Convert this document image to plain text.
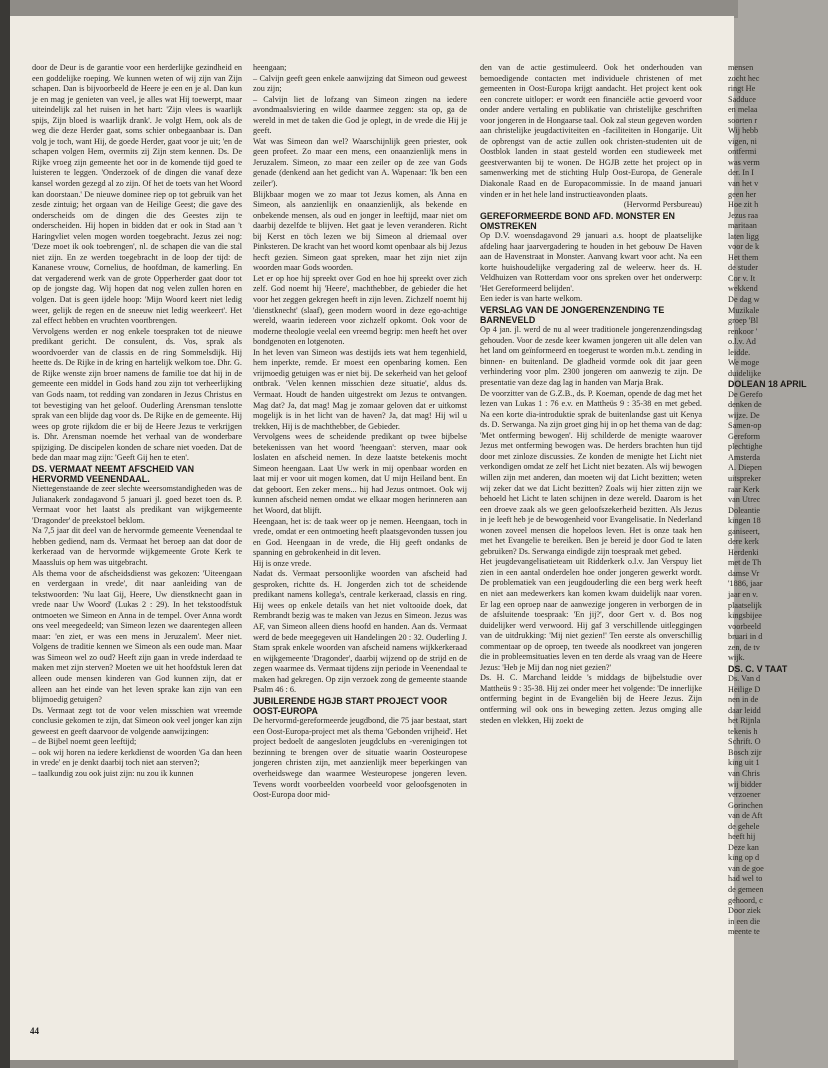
door de Deur is de garantie voor een herderlijke gezindheid en een goddelijke roeping. We kunnen weten of wij zijn van Zijn schapen. Dan is bijvoorbeeld de Heere je een en je al. Dan kun je en mag je genieten van veel, je alles wat Hij toewerpt, maar uiteindelijk zal het ruisen in het hart: 'Zijn vlees is waarlijk spijs, Zijn bloed is waarlijk drank'. Je volgt Hem, ook als de weg die deze Herder gaat, soms schier onbegaanbaar is. Dan volg je toch, want Hij, de goede Herder, gaat voor je uit; 'en de schapen volgen Hem, overmits zij Zijn stem kennen. Ds. De Rijke vroeg zijn gemeente het oor in de komende tijd goed te luisteren te leggen. 'Onderzoek of de dingen die vanaf deze kansel worden gezegd al zo zijn. Of het de toets van het Woord kan doorstaan.' De nieuwe dominee riep op tot gebruik van het zesde zintuig; het orgaan van de Heilige Geest; die gave des onderscheids om de dingen die des Geestes zijn te onderscheiden. Hij hopen in bidden dat er ook in Stad aan 't Haringvliet velen mogen worden toegebracht. Jezus zei nog: 'Deze moet ik ook toebrengen', nl. de schapen die van die stal niet zijn. En ze werden toegebracht in de loop der tijd: de Kananese vrouw, Cornelius, de hoofdman, de kamerling. En dat vergaderend werk van de grote Opperherder gaat door tot op de jongste dag. Wij hopen dat nog velen zullen horen en volgen. Dat is geen ijdele hoop: 'Mijn Woord keert niet ledig weer, gelijk de regen en de sneeuw niet ledig weerkeert'. Het zal effect hebben en vruchten voortbrengen.

Vervolgens werden er nog enkele toespraken tot de nieuwe predikant gericht. De consulent, ds. Vos, sprak als woordvoerder van de classis en de ring Sommelsdijk. Hij heette ds. De Rijke in de kring en hartelijk welkom toe. Dhr. G. de Rijke wenste zijn broer namens de familie toe dat hij in de gemeente een middel in Gods hand zou zijn tot verheerlijking van Gods naam, tot redding van zondaren in Jezus Christus en tot bevestiging van het geloof. Ouderling Arensman tenslotte sprak van een blijde dag voor ds. De Rijke en de gemeente. Hij wees op grote rijkdom die er bij de Heere Jezus te verkrijgen is. Dhr. Arensman noemde het verhaal van de wonderbare spijziging. De discipelen konden de schare niet voeden. Dat de bede dan maar mag zijn: 'Geeft Gij hen te eten'.

DS. VERMAAT NEEMT AFSCHEID VAN HERVORMD VEENENDAAL.

Niettegenstaande de zeer slechte weersomstandigheden was de Julianakerk zondagavond 5 januari jl. goed bezet toen ds. P. Vermaat voor het laatst als predikant van wijkgemeente 'Dragonder' de preekstoel beklom.

Na 7,5 jaar dit deel van de hervormde gemeente Veenendaal te hebben gediend, nam ds. Vermaat het beroep aan dat door de kerkeraad van de hervormde wijkgemeente Grote Kerk te Maassluis op hem was uitgebracht.

Als thema voor de afscheidsdienst was gekozen: 'Uiteengaan en verdergaan in vrede', dit naar aanleiding van de tekstwoorden: 'Nu laat Gij, Heere, Uw dienstknecht gaan in vrede naar Uw Woord' (Lukas 2 : 29). In het tekstoodfstuk ontmoeten we Simeon en Anna in de tempel. Over Anna wordt ons veel meegedeeld; van Simeon lezen we daarentegen alleen maar: 'en ziet, er was een mens in Jeruzalem'. Meer niet. Volgens de traditie kennen we Simeon als een oude man. Maar was Simeon wel zo oud? Heeft zijn gaan in vrede inderdaad te maken met zijn sterven? Moeten we uit het hoofdstuk leren dat alleen oude mensen kinderen van God kunnen zijn, dat er alleen aan het einde van het leven sprake kan zijn van een blijmoedig getuigen?

Ds. Vermaat zegt tot de voor velen misschien wat vreemde conclusie gekomen te zijn, dat Simeon ook veel jonger kan zijn geweest en geeft daarvoor de volgende aanwijzingen:

– de Bijbel noemt geen leeftijd;

– ook wij horen na iedere kerkdienst de woorden 'Ga dan heen in vrede' en je denkt daarbij toch niet aan sterven?;

– taalkundig zou ook juist zijn: nu zou ik kunnen

heengaan;

– Calvijn geeft geen enkele aanwijzing dat Simeon oud geweest zou zijn;

– Calvijn liet de lofzang van Simeon zingen na iedere avondmaalsviering en wilde daarmee zeggen: sta op, ga de wereld in met de taken die God je oplegt, in de vrede die Hij je geeft.

Wat was Simeon dan wel? Waarschijnlijk geen priester, ook geen profeet. Zo maar een mens, een onaanzienlijk mens in Jeruzalem. Simeon, zo maar een zeiler op de zee van Gods genade (denkend aan het gedicht van A. Wapenaar: 'Ik ben een zeiler').

Blijkbaar mogen we zo maar tot Jezus komen, als Anna en Simeon, als aanzienlijk en onaanzienlijk, als bekende en onbekende mensen, als oud en jonger in leeftijd, maar niet om daarbij dezelfde te blijven. Het gaat je leven veranderen. Richt bij Kerst en töch lezen we bij Simeon al driemaal over Pinksteren. De kracht van het woord komt openbaar als bij Jezus hecft gezien. Simeon gaat spreken, maar het zijn niet zijn woorden maar Gods woorden.

Let er op hoe hij spreekt over God en hoe hij spreekt over zich zelf. God noemt hij 'Heere', machthebber, de gebieder die het voor het zeggen gekregen heeft in zijn leven. Zichzelf noemt hij 'dienstknecht' (slaaf), geen modern woord in deze ego-achtige wereld, waarin iedereen voor zichzelf opkomt. Ook voor de moderne theologie veelal een vreemd begrip: men heeft het over bondgenoten en lotgenoten.

In het leven van Simeon was destijds iets wat hem tegenhield, hem inperkte, remde. Er moest een openbaring komen. Een vrijmoedig getuigen was er niet bij. De sekerheid van het geloof ontbrak. 'Velen kennen misschien deze situatie', aldus ds. Vermaat. Houdt de handen uitgestrekt om Jezus te ontvangen. Mag dat? Ja, dat mag! Mag je zomaar geloven dat er uitkomst mogelijk is in het licht van de haven? Ja, dat mag! Hij wil u trekken, Hij is de machthebber, de Gebieder.

Vervolgens wees de scheidende predikant op twee bijbelse betekenissen van het woord 'heengaan': sterven, maar ook loslaten en afscheid nemen. In deze laatste betekenis mocht Simeon heengaan. Laat Uw werk in mij openbaar worden en laat mij er voor uit mogen komen, dat U mijn Heiland bent. En dat geboort. Een zeker mens... hij had Jezus ontmoet. Ook wij kunnen afscheid nemen omdat we elkaar mogen herinneren aan het Woord, dat blijft.

Heengaan, het is: de taak weer op je nemen. Heengaan, toch in vrede, omdat er een ontmoeting heeft plaatsgevonden tussen jou en God. Heengaan in de vrede, die Hij geeft ondanks de spanning en gebrokenheid in dit leven.

Hij is onze vrede.

Nadat ds. Vermaat persoonlijke woorden van afscheid had gesproken, richtte ds. H. Jongerden zich tot de scheidende predikant namens kollega's, centrale kerkeraad, classis en ring. Hij wees op enkele details van het niet voltooide doek, dat Rembrandt bezig was te maken van Jezus en Simeon. Jezus was AF, van Simeon alleen diens hoofd en handen. Aan ds. Vermaat werd de bede meegegeven uit Handelingen 20 : 32. Ouderling J. Stam sprak enkele woorden van afscheid namens wijkkerkeraad en wijkgemeente 'Dragonder', daarbij wijzend op de strijd en de zegen waarmee ds. Vermaat tijdens zijn periode in Veenendaal te maken had gekregen. Op zijn verzoek zong de gemeente staande Psalm 46 : 6.

JUBILERENDE HGJB START PROJECT VOOR OOST-EUROPA

De hervormd-gereformeerde jeugdbond, die 75 jaar bestaat, start een Oost-Europa-project met als thema 'Gebonden vrijheid'. Het project bedoelt de aangesloten jeugdclubs en -verenigingen tot bezinning te brengen over de situatie waarin Oosteuropese jongeren christen zijn, met aanzienlijk meer beperkingen van overheidswege dan waarmee Westeuropese jongeren leven. Tevens wordt voorbeelden voorbeeld voor geloofsgenoten in Oost-Europa door mid-

den van de actie gestimuleerd. Ook het onderhouden van bemoedigende contacten met individuele christenen of met gemeenten in Oost-Europa krijgt aandacht. Het project kent ook een concrete uitloper: er wordt een financiële actie gevoerd voor onder andere vertaling en publikatie van christelijke geschriften voor jongeren in de Hongaarse taal. Ook zal steun gegeven worden aan christelijke jeugdactiviteiten en -faciliteiten in Hongarije. Uit de opbrengst van de actie zullen ook christen-studenten uit de Oostblok landen in staat gesteld worden een studieweek met geestverwanten bij te wonen. De HGJB zette het project op in samenwerking met de stichting Hulp Oost-Europa, de Generale Diakonale Raad en de Europacommissie. In de maand januari vinden er in het hele land instructieavonden plaats.

(Hervormd Persbureau)

GEREFORMEERDE BOND AFD. MONSTER EN OMSTREKEN

Op D.V. woensdagavond 29 januari a.s. hoopt de plaatselijke afdeling haar jaarvergadering te houden in het gebouw De Haven aan de Havenstraat in Monster. Aanvang kwart voor acht. Na een korte huishoudelijke vergadering zal de weleerw. heer ds. H. Veldhuizen van Rotterdam voor ons spreken over het onderwerp: 'Het Gereformeerd belijden'.

Een ieder is van harte welkom.

VERSLAG VAN DE JONGERENZENDING TE BARNEVELD

Op 4 jan. jl. werd de nu al weer traditionele jongerenzendingsdag gehouden. Voor de zesde keer kwamen jongeren uit alle delen van het land om geïnformeerd en toegerust te worden m.b.t. zending in binnen- en buitenland. De gladheid vormde ook dit jaar geen verhindering voor plm. 2300 jongeren om aanwezig te zijn. De presentatie van deze dag lag in handen van Marja Brak.

De voorzitter van de G.Z.B., ds. P. Koeman, opende de dag met het lezen van Lukas 1 : 76 e.v. en Mattheüs 9 : 35-38 en met gebed. Na een korte dia-introduktie sprak de buitenlandse gast uit Kenya ds. D. Serwanga. Na zijn groet ging hij in op het thema van de dag: 'Met ontferming bewogen'. Hij schilderde de menigte waarover Jezus met ontferming bewogen was. De herders brachten hun tijd door met zinloze discussies. Ze konden de menigte het Licht niet verkondigen omdat ze zelf het Licht niet bezaten. Als wij bewogen willen zijn met anderen, dan moeten wij dat Licht bezitten; weten wij zeker dat we dat Licht bezitten? Zoals wij hier zitten zijn we behoeld het Licht te laten schijnen in deze wereld. Daarom is het een droeve zaak als we geen geloofszekerheid bezitten. Als Jezus in je leeft heb je de bewogenheid voor Evangelisatie. In Nederland wonen zoveel mensen die hopeloos leven. Het is onze taak hen met het Evangelie te bereiken. Ben je bereid je door God te laten gebruiken? Ds. Serwanga eindigde zijn toespraak met gebed.

Het jeugdevangelisatieteam uit Ridderkerk o.l.v. Jan Verspuy liet zien in een aantal onderdelen hoe onder jongeren gewerkt wordt. De problematiek van een jeugdouderling die een berg werk heeft en niet aan medewerkers kan komen kwam duidelijk naar voren. Er lag een oproep naar de aanwezige jongeren in verborgen de in de afsluitende toespraak: 'En jij?', door Gert v. d. Bos nog duidelijker werd verwoord. Hij gaf 3 verschillende uitleggingen van de uitdrukking: 'Mij niet gezien!' Ten eerste als onverschillig commentaar op de oproep, ten tweede als noodkreet van jongeren die in probleemsituaties leven en ten derde als vraag van de Heere Jezus: 'Heb je Mij dan nog niet gezien?'

Ds. H. C. Marchand leidde 's middags de bijbelstudie over Mattheüs 9 : 35-38. Hij zei onder meer het volgende: 'De innerlijke ontferming begint in de Evangeliën bij de Heere Jezus. Zijn ontferming wil ook ons in beweging zetten. Jezus omging alle steden en vlekken, Hij zoekt de

mensen

zocht hec

ringt He

Sadduce

en melaa

soorten r

Wij hebb

vigen, ni

ontfermi

was verm

der. In I

van het v

geen her

Hoe zit h

Jezus raa

maritaan

laten ligg

voor de k

Het them

de studer

Cor v. It

wekkend

De dag w

Muzikale

groep 'Bl

renkoor '

o.l.v. Ad

leidde.

We moge

duidelijke

DOLEAN 18 APRIL

De Gerefo

denken de

wijze. De

Samen-op

Gereform

plechtighe

Amsterda

A. Diepen

uitspreker

raar Kerk

van Utrec

Doleantie

kingen 18

ganiseert,

dere kerk

Herdenki

met de Th

damse Vr

'1886, jaar

jaar en v.

plaatselijk

kingsbijee

voorbeeld

bruari in d

zen, de tv

wijk.

DS. C. V TAAT

Ds. Van d

Heilige D

nen in de

daar leidd

het Rijnla

tekenis h

Schrift. O

Bosch zijr

king uit 1

van Chris

wij bidder

verzoener

Gorinchen

van de Aft

de gehele

heeft hij

Deze kan

king op d

van de goe

had wel to

de gemeen

gehoord, c

Door ziek

in een die

meente te

44
